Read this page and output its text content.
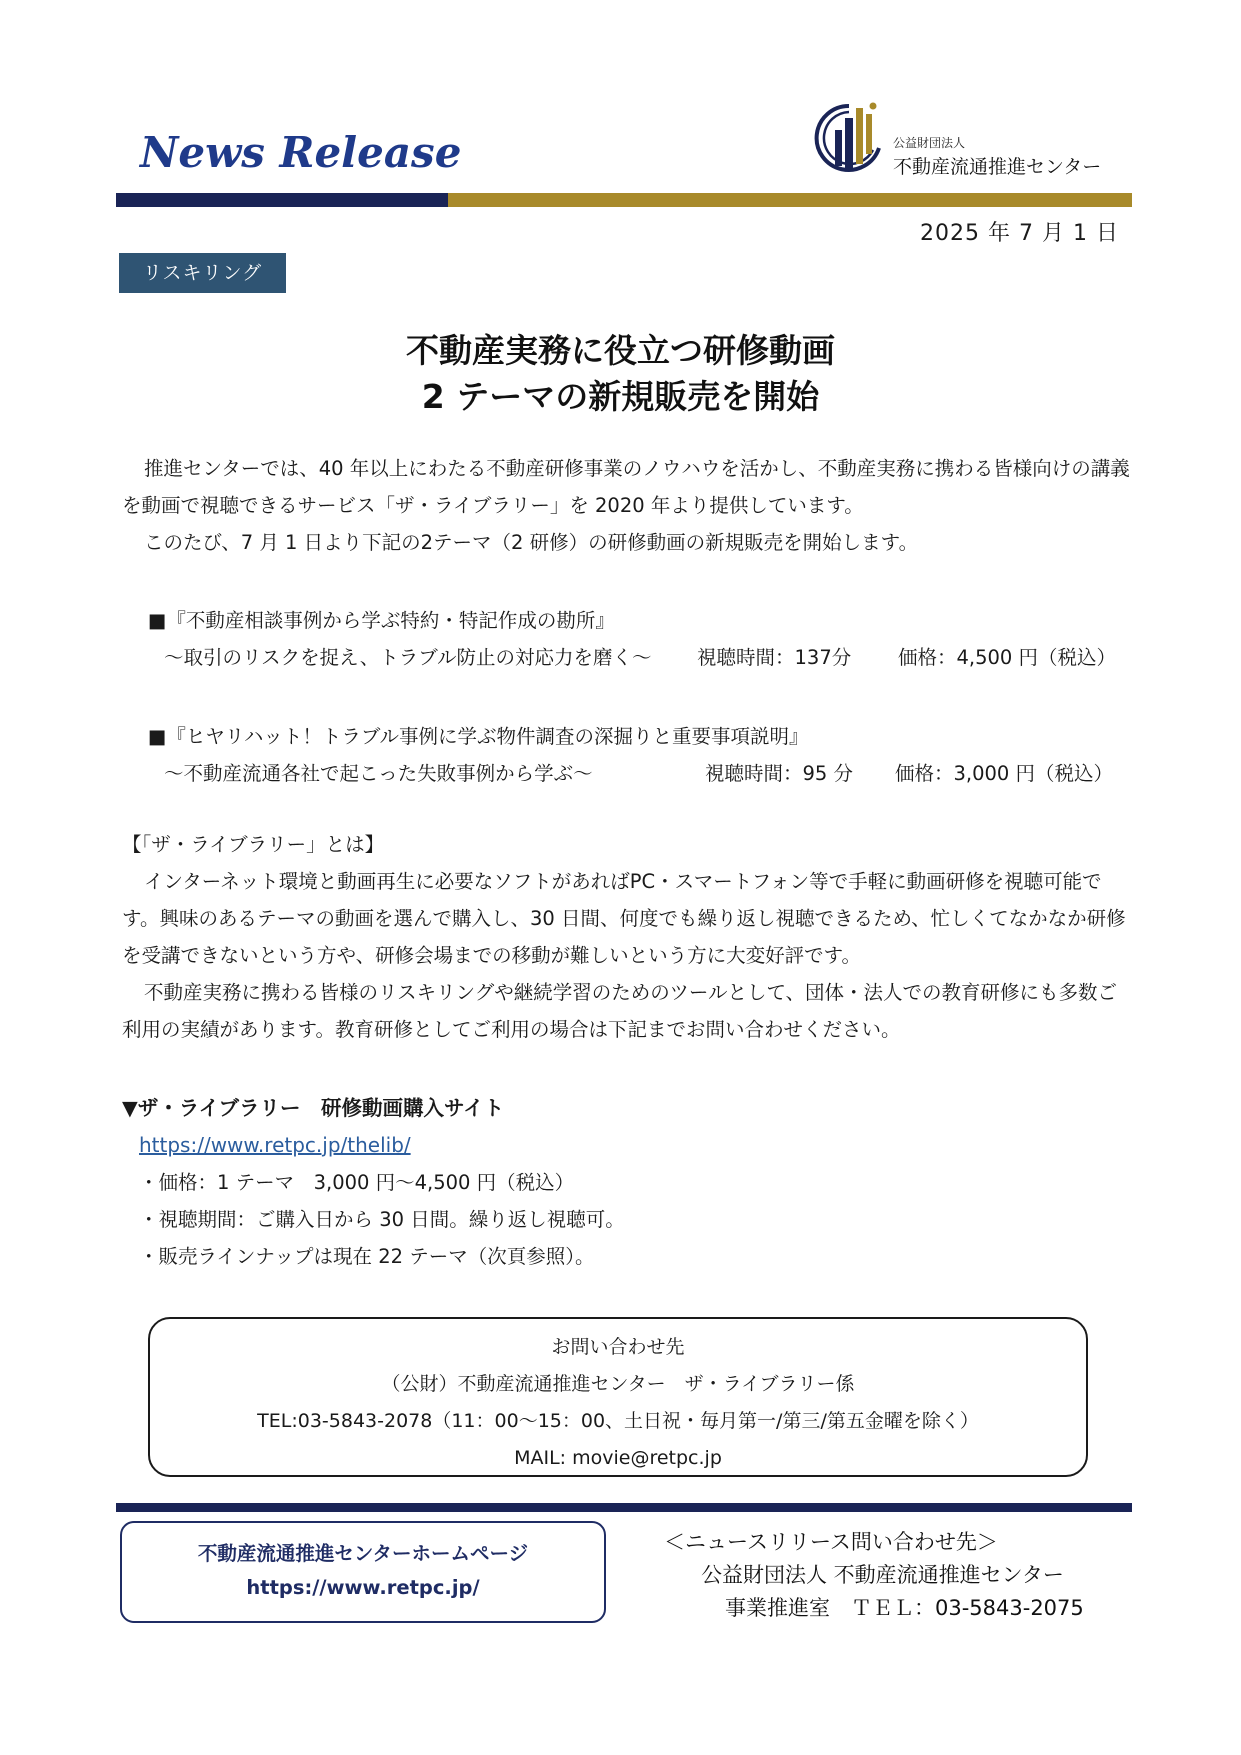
News Release	公益財団法人
不動産流通推進センター
2025 年 7 月 1 日
リスキリング
不動産実務に役立つ研修動画
2 テーマの新規販売を開始

推進センターでは、40 年以上にわたる不動産研修事業のノウハウを活かし、不動産実務に携わる皆様向けの講義を動画で視聴できるサービス「ザ・ライブラリー」を 2020 年より提供しています。

このたび、7 月 1 日より下記の2テーマ（2 研修）の研修動画の新規販売を開始します。

■『不動産相談事例から学ぶ特約・特記作成の勘所』
～取引のリスクを捉え、トラブル防止の対応力を磨く～ 視聴時間：137分 価格：4,500 円（税込）
■『ヒヤリハット！トラブル事例に学ぶ物件調査の深掘りと重要事項説明』
～不動産流通各社で起こった失敗事例から学ぶ～	視聴時間：95 分 価格：3,000 円（税込）
【「ザ・ライブラリー」とは】

インターネット環境と動画再生に必要なソフトがあればPC・スマートフォン等で手軽に動画研修を視聴可能です。興味のあるテーマの動画を選んで購入し、30 日間、何度でも繰り返し視聴できるため、忙しくてなかなか研修を受講できないという方や、研修会場までの移動が難しいという方に大変好評です。

不動産実務に携わる皆様のリスキリングや継続学習のためのツールとして、団体・法人での教育研修にも多数ご利用の実績があります。教育研修としてご利用の場合は下記までお問い合わせください。

▼ザ・ライブラリー　研修動画購入サイト
https://www.retpc.jp/thelib/
・価格：1 テーマ　3,000 円～4,500 円（税込）
・視聴期間：ご購入日から 30 日間。繰り返し視聴可。
・販売ラインナップは現在 22 テーマ（次頁参照）。
お問い合わせ先
（公財）不動産流通推進センター　ザ・ライブラリー係
TEL:03-5843-2078（11：00～15：00、土日祝・毎月第一/第三/第五金曜を除く）
MAIL: movie@retpc.jp
不動産流通推進センターホームページ
https://www.retpc.jp/
＜ニュースリリース問い合わせ先＞
公益財団法人 不動産流通推進センター
事業推進室　ＴＥＬ：03-5843-2075
